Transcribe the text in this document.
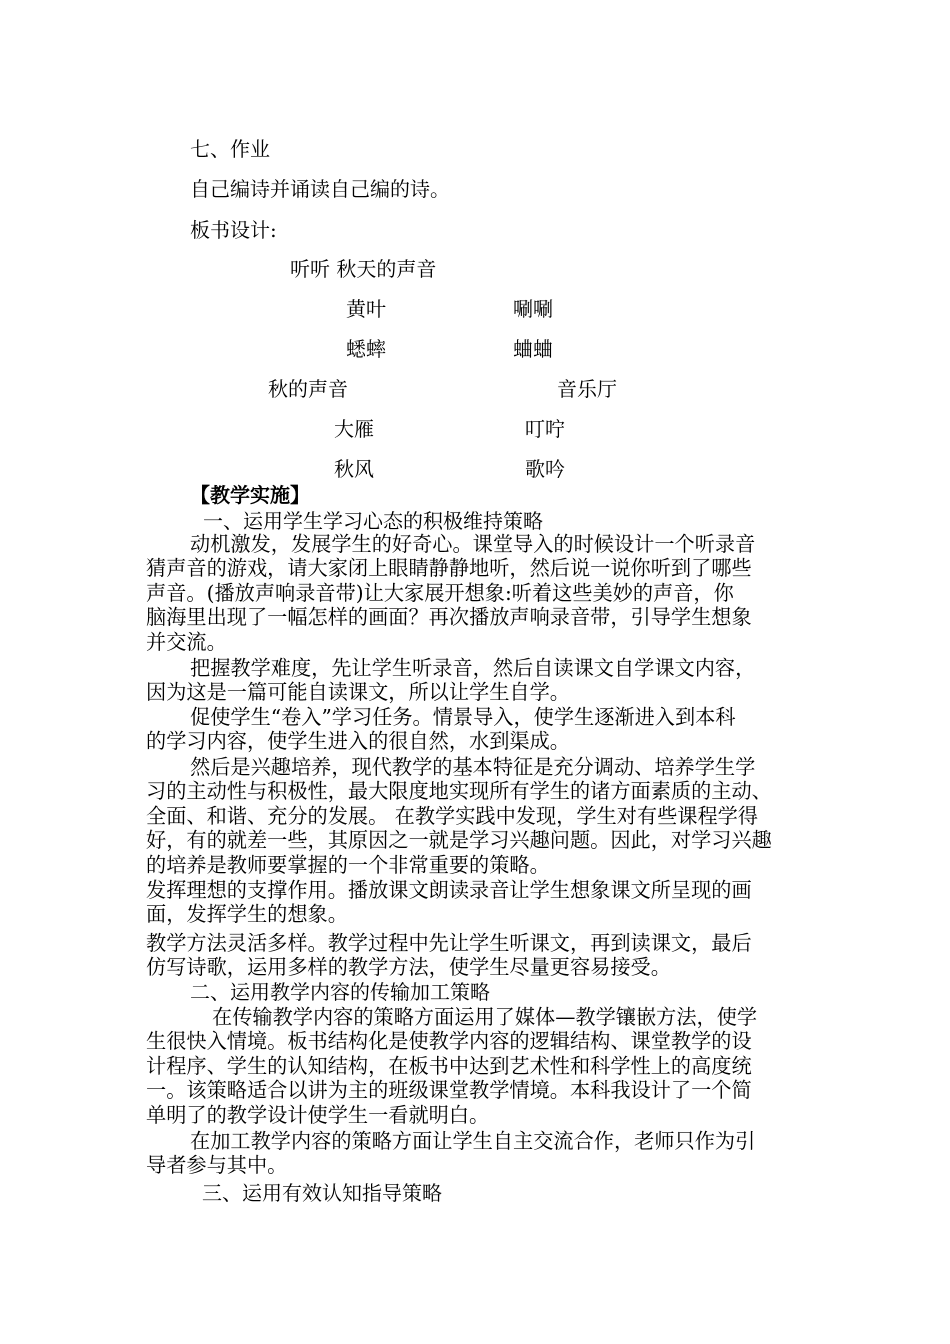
七、作业
自己编诗并诵读自己编的诗。
板书设计:
听听 秋天的声音
黄叶	唰唰
蟋蟀	蛐蛐
秋的声音	音乐厅
大雁	叮咛
秋风	歌吟
【教学实施】
一、运用学生学习心态的积极维持策略
动机激发，发展学生的好奇心。课堂导入的时候设计一个听录音
猜声音的游戏，请大家闭上眼睛静静地听，然后说一说你听到了哪些
声音。(播放声响录音带)让大家展开想象:听着这些美妙的声音，你
脑海里出现了一幅怎样的画面？再次播放声响录音带，引导学生想象
并交流。
把握教学难度，先让学生听录音，然后自读课文自学课文内容，
因为这是一篇可能自读课文，所以让学生自学。
促使学生“卷入”学习任务。情景导入，使学生逐渐进入到本科
的学习内容，使学生进入的很自然，水到渠成。
然后是兴趣培养，现代教学的基本特征是充分调动、培养学生学
习的主动性与积极性，最大限度地实现所有学生的诸方面素质的主动、
全面、和谐、充分的发展。 在教学实践中发现，学生对有些课程学得
好，有的就差一些，其原因之一就是学习兴趣问题。因此，对学习兴趣
的培养是教师要掌握的一个非常重要的策略。
发挥理想的支撑作用。播放课文朗读录音让学生想象课文所呈现的画
面，发挥学生的想象。
教学方法灵活多样。教学过程中先让学生听课文，再到读课文，最后
仿写诗歌，运用多样的教学方法，使学生尽量更容易接受。
二、运用教学内容的传输加工策略
在传输教学内容的策略方面运用了媒体—教学镶嵌方法，使学
生很快入情境。板书结构化是使教学内容的逻辑结构、课堂教学的设
计程序、学生的认知结构，在板书中达到艺术性和科学性上的高度统
一。该策略适合以讲为主的班级课堂教学情境。本科我设计了一个简
单明了的教学设计使学生一看就明白。
在加工教学内容的策略方面让学生自主交流合作，老师只作为引
导者参与其中。
三、运用有效认知指导策略
